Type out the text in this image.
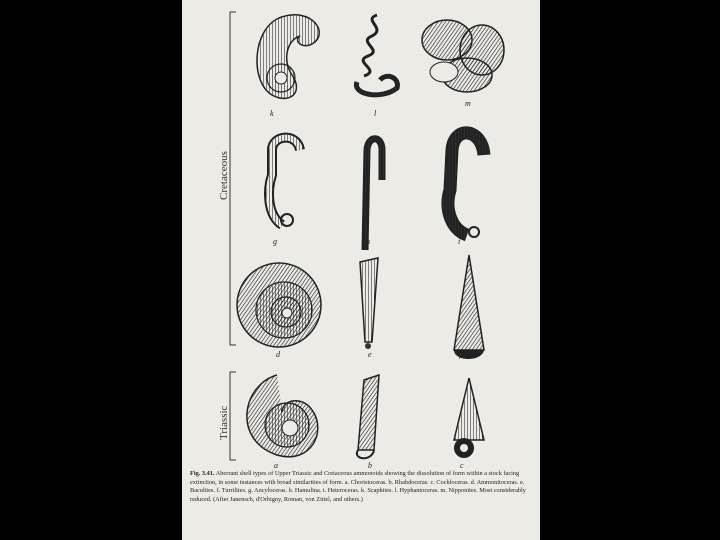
Cretaceous
Triassic
k	l
m
g	h	i
d	e	f
a	b	c
Fig. 3.41. Aberrant shell types of Upper Triassic and Cretaceous ammonoids showing the dissolution of form within a stock facing extinction, in some instances with broad similarities of form. a. Choristoceras. b. Rhabdoceras. c. Cochloceras. d. Ammonitoceras. e. Baculites. f. Turrilites. g. Ancyloceras. h. Hamulina. i. Heteroceras. k. Scaphites. l. Hyphantoceras. m. Nipponites. Most considerably reduced. (After Janensch, d'Orbigny, Roman, von Zittel, and others.)
